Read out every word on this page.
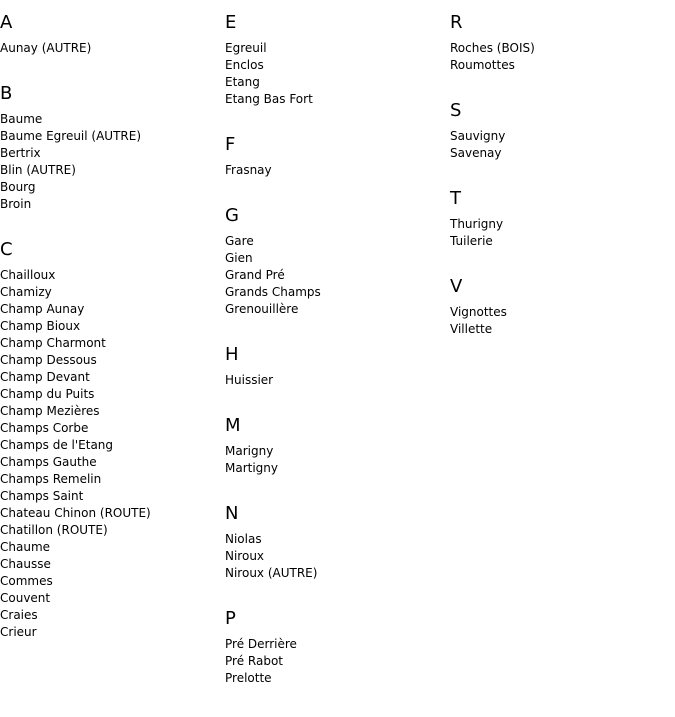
A
Aunay (AUTRE)
B
Baume
Baume Egreuil (AUTRE)
Bertrix
Blin (AUTRE)
Bourg
Broin
C
Chailloux
Chamizy
Champ Aunay
Champ Bioux
Champ Charmont
Champ Dessous
Champ Devant
Champ du Puits
Champ Mezières
Champs Corbe
Champs de l'Etang
Champs Gauthe
Champs Remelin
Champs Saint
Chateau Chinon (ROUTE)
Chatillon (ROUTE)
Chaume
Chausse
Commes
Couvent
Craies
Crieur
E
Egreuil
Enclos
Etang
Etang Bas Fort
F
Frasnay
G
Gare
Gien
Grand Pré
Grands Champs
Grenouillère
H
Huissier
M
Marigny
Martigny
N
Niolas
Niroux
Niroux (AUTRE)
P
Pré Derrière
Pré Rabot
Prelotte
R
Roches (BOIS)
Roumottes
S
Sauvigny
Savenay
T
Thurigny
Tuilerie
V
Vignottes
Villette
